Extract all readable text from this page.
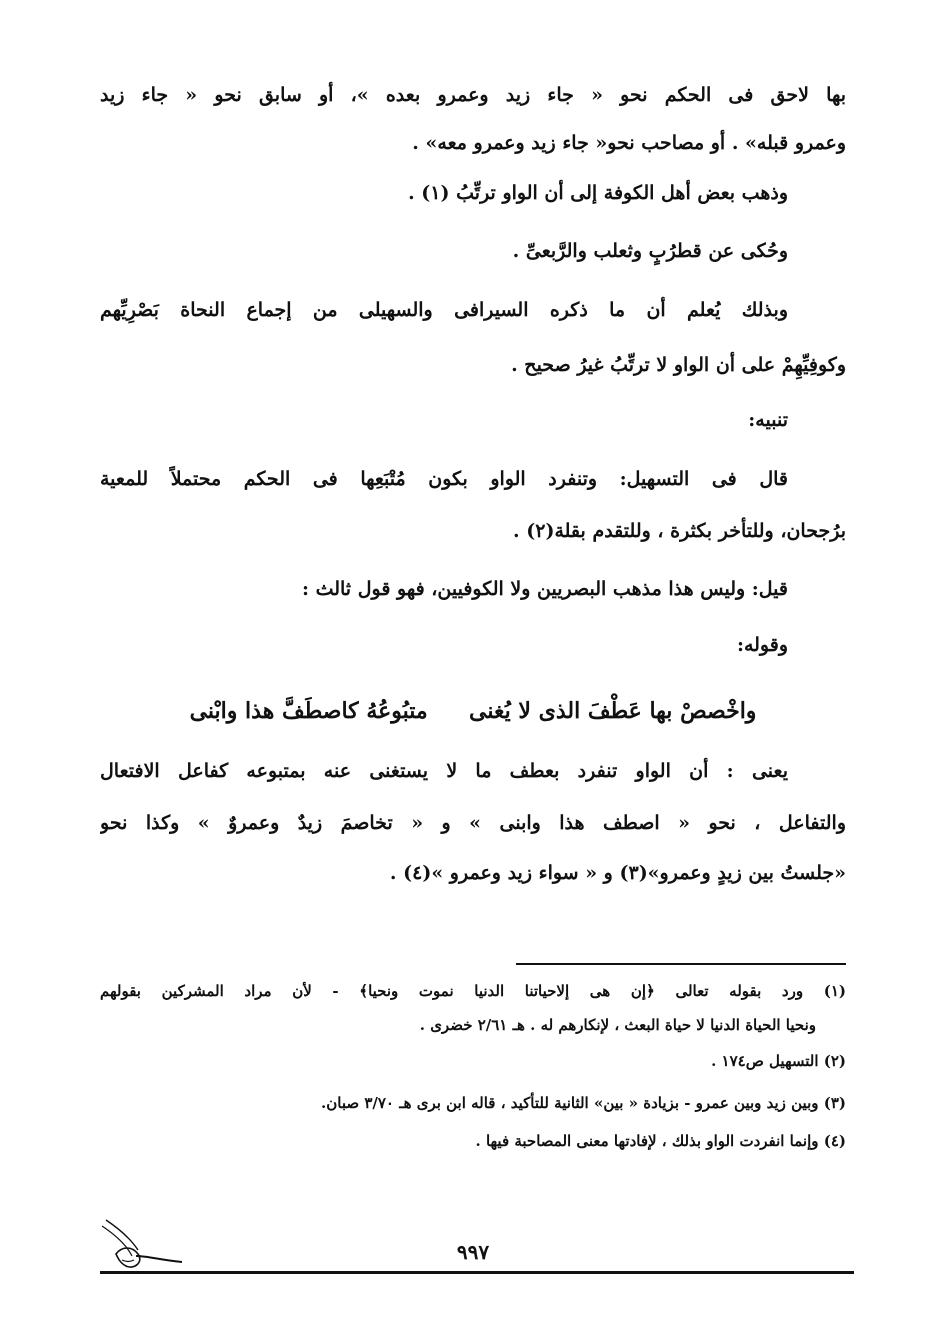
بها لاحق فى الحكم نحو « جاء زيد وعمرو بعده »، أو سابق نحو « جاء زيد
وعمرو قبله» . أو مصاحب نحو« جاء زيد وعمرو معه» .
وذهب بعض أهل الكوفة إلى أن الواو ترتِّبُ (١) .
وحُكى عن قطرُبٍ وثعلب والرَّبعىِّ .
وبذلك يُعلم أن ما ذكره السيرافى والسهيلى من إجماع النحاة بَصْرِيِّهم
وكوفِيِّهِمْ على أن الواو لا ترتِّبُ غيرُ صحيح .
تنبيه:
قال فى التسهيل: وتنفرد الواو بكون مُتْبَعِها فى الحكم محتملاً للمعية
برُجحان، وللتأخر بكثرة ، وللتقدم بقلة(٢) .
قيل: وليس هذا مذهب البصريين ولا الكوفيين، فهو قول ثالث :
وقوله:
واخْصصْ بها عَطْفَ الذى لا يُغنى  متبُوعُهُ كاصطَفَّ هذا وابْنى
يعنى : أن الواو تنفرد بعطف ما لا يستغنى عنه بمتبوعه كفاعل الافتعال
والتفاعل ، نحو « اصطف هذا وابنى » و « تخاصمَ زيدٌ وعمروٌ » وكذا نحو
«جلستُ بين زيدٍ وعمرو»(٣) و « سواء زيد وعمرو »(٤) .
(١) ورد بقوله تعالى ﴿إن هى إلاحياتنا الدنيا نموت ونحيا﴾ - لأن مراد المشركين بقولهم
ونحيا الحياة الدنيا لا حياة البعث ، لإنكارهم له . هـ ٢/٦١ خضرى .
(٢) التسهيل ص١٧٤ .
(٣) وبين زيد وبين عمرو - بزيادة « بين» الثانية للتأكيد ، قاله ابن برى هـ ٣/٧٠ صبان.
(٤) وإنما انفردت الواو بذلك ، لإفادتها معنى المصاحبة فيها .
٩٩٧
